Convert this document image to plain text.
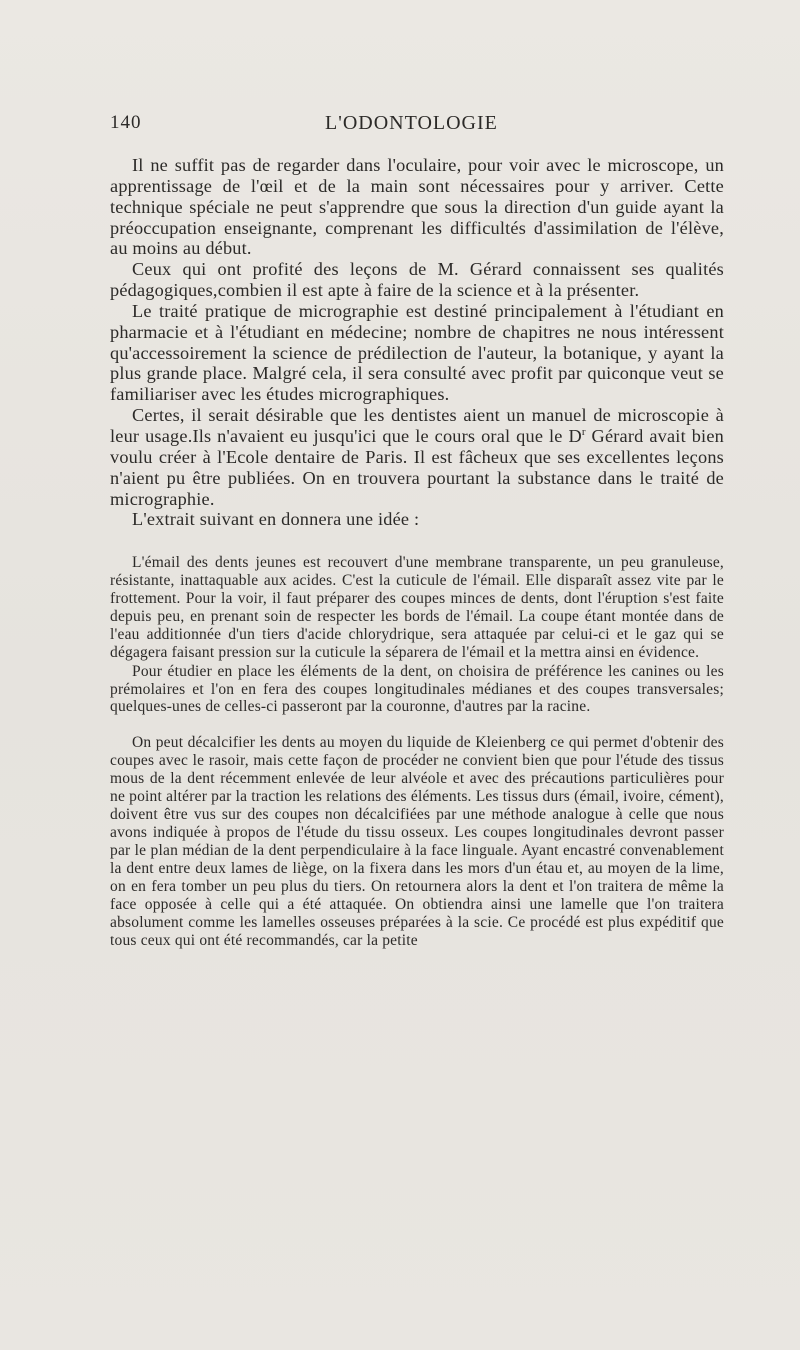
140	L'ODONTOLOGIE

Il ne suffit pas de regarder dans l'oculaire, pour voir avec le microscope, un apprentissage de l'œil et de la main sont nécessaires pour y arriver. Cette technique spéciale ne peut s'apprendre que sous la direction d'un guide ayant la préoccupation enseignante, comprenant les difficultés d'assimilation de l'élève, au moins au début.

Ceux qui ont profité des leçons de M. Gérard connaissent ses qualités pédagogiques,combien il est apte à faire de la science et à la présenter.

Le traité pratique de micrographie est destiné principalement à l'étudiant en pharmacie et à l'étudiant en médecine; nombre de chapitres ne nous intéressent qu'accessoirement la science de prédilection de l'auteur, la botanique, y ayant la plus grande place. Malgré cela, il sera consulté avec profit par quiconque veut se familiariser avec les études micrographiques.

Certes, il serait désirable que les dentistes aient un manuel de microscopie à leur usage.Ils n'avaient eu jusqu'ici que le cours oral que le $D^r$ Gérard avait bien voulu créer à l'Ecole dentaire de Paris. Il est fâcheux que ses excellentes leçons n'aient pu être publiées. On en trouvera pourtant la substance dans le traité de micrographie.

L'extrait suivant en donnera une idée :

L'émail des dents jeunes est recouvert d'une membrane transparente, un peu granuleuse, résistante, inattaquable aux acides. C'est la cuticule de l'émail. Elle disparaît assez vite par le frottement. Pour la voir, il faut préparer des coupes minces de dents, dont l'éruption s'est faite depuis peu, en prenant soin de respecter les bords de l'émail. La coupe étant montée dans de l'eau additionnée d'un tiers d'acide chlorydrique, sera attaquée par celui-ci et le gaz qui se dégagera faisant pression sur la cuticule la séparera de l'émail et la mettra ainsi en évidence.

Pour étudier en place les éléments de la dent, on choisira de préférence les canines ou les prémolaires et l'on en fera des coupes longitudinales médianes et des coupes transversales; quelques-unes de celles-ci passeront par la couronne, d'autres par la racine.

On peut décalcifier les dents au moyen du liquide de Kleienberg ce qui permet d'obtenir des coupes avec le rasoir, mais cette façon de procéder ne convient bien que pour l'étude des tissus mous de la dent récemment enlevée de leur alvéole et avec des précautions particulières pour ne point altérer par la traction les relations des éléments. Les tissus durs (émail, ivoire, cément), doivent être vus sur des coupes non décalcifiées par une méthode analogue à celle que nous avons indiquée à propos de l'étude du tissu osseux. Les coupes longitudinales devront passer par le plan médian de la dent perpendiculaire à la face linguale. Ayant encastré convenablement la dent entre deux lames de liège, on la fixera dans les mors d'un étau et, au moyen de la lime, on en fera tomber un peu plus du tiers. On retournera alors la dent et l'on traitera de même la face opposée à celle qui a été attaquée. On obtiendra ainsi une lamelle que l'on traitera absolument comme les lamelles osseuses préparées à la scie. Ce procédé est plus expéditif que tous ceux qui ont été recommandés, car la petite
